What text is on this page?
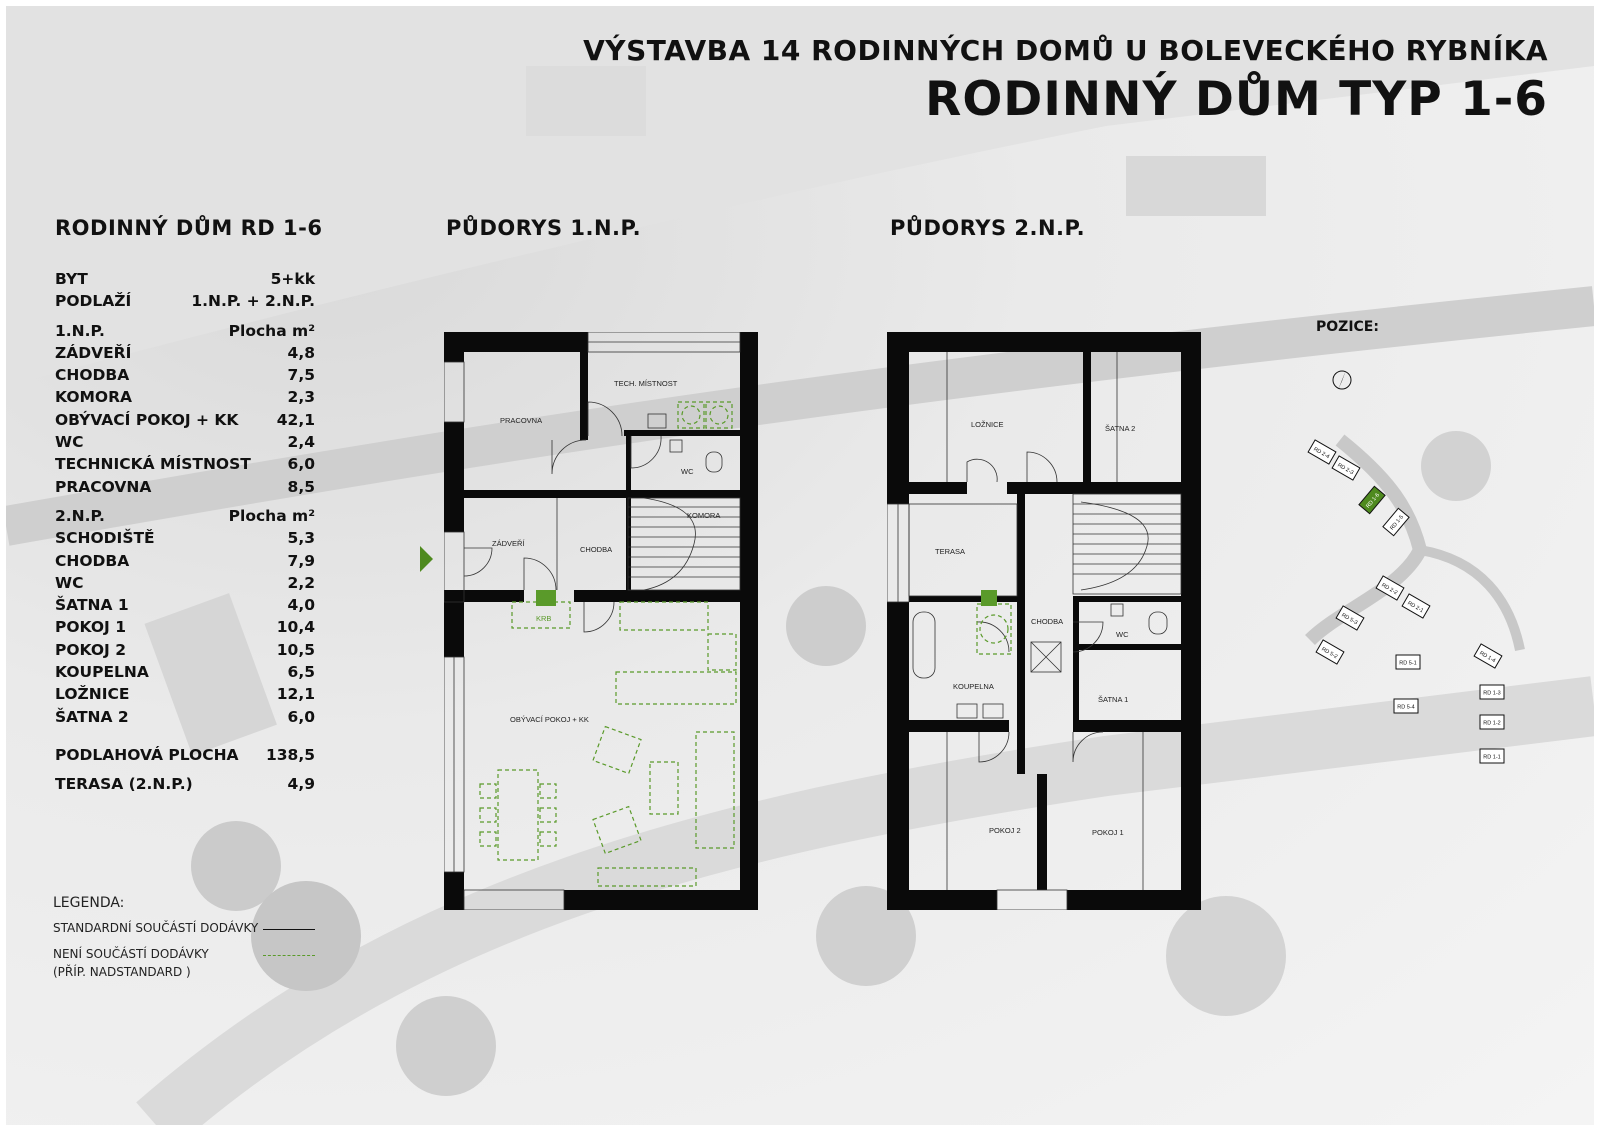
VÝSTAVBA 14 RODINNÝCH DOMŮ U BOLEVECKÉHO RYBNÍKA
RODINNÝ DŮM TYP 1-6
RODINNÝ DŮM RD 1-6	PŮDORYS 1.N.P.	PŮDORYS 2.N.P.
BYT	5+kk
PODLAŽÍ	1.N.P. + 2.N.P.
1.N.P.	Plocha m²
ZÁDVEŘÍ	4,8
CHODBA	7,5
KOMORA	2,3
OBÝVACÍ POKOJ + KK 42,1
WC	2,4
TECHNICKÁ MÍSTNOST 6,0
PRACOVNA	8,5
2.N.P.	Plocha m²
SCHODIŠTĚ	5,3
CHODBA	7,9
WC	2,2
ŠATNA 1	4,0
POKOJ 1	10,4
POKOJ 2	10,5
KOUPELNA	6,5
LOŽNICE	12,1
ŠATNA 2	6,0
PODLAHOVÁ PLOCHA 138,5
TERASA (2.N.P.)	4,9
LEGENDA:
STANDARDNÍ SOUČÁSTÍ DODÁVKY
NENÍ SOUČÁSTÍ DODÁVKY
(PŘÍP. NADSTANDARD )
TECH. MÍSTNOST
PRACOVNA
WC
KOMORA
ZÁDVEŘÍ
CHODBA
KRB
OBÝVACÍ POKOJ + KK
LOŽNICE	ŠATNA 2
TERASA
CHODBA
WC
KOUPELNA
ŠATNA 1
POKOJ 2	POKOJ 1
POZICE:
RD 2-4
RD 2-3
RD 1-6
RD 1-5
RD 2-2
RD 2-1
RD 5-3
RD 5-2
RD 5-1	RD 1-4
RD 1-3
RD 5-4
RD 1-2
RD 1-1
